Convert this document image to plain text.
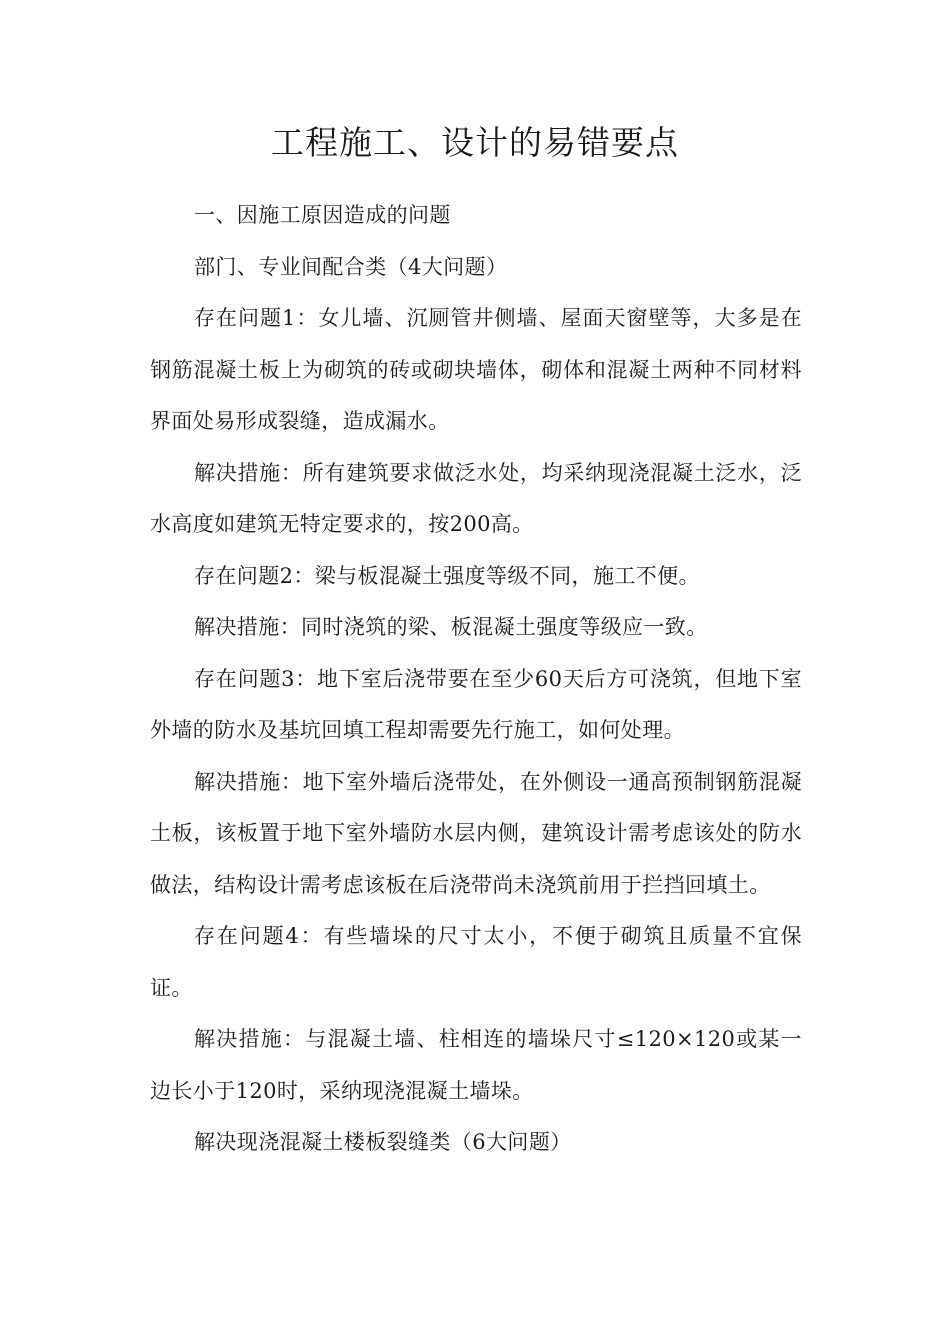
工程施工、设计的易错要点

一、因施工原因造成的问题

部门、专业间配合类（4大问题）

存在问题1：女儿墙、沉厕管井侧墙、屋面天窗壁等，大多是在钢筋混凝土板上为砌筑的砖或砌块墙体，砌体和混凝土两种不同材料界面处易形成裂缝，造成漏水。

解决措施：所有建筑要求做泛水处，均采纳现浇混凝土泛水，泛水高度如建筑无特定要求的，按200高。

存在问题2：梁与板混凝土强度等级不同，施工不便。

解决措施：同时浇筑的梁、板混凝土强度等级应一致。

存在问题3：地下室后浇带要在至少60天后方可浇筑，但地下室外墙的防水及基坑回填工程却需要先行施工，如何处理。

解决措施：地下室外墙后浇带处，在外侧设一通高预制钢筋混凝土板，该板置于地下室外墙防水层内侧，建筑设计需考虑该处的防水做法，结构设计需考虑该板在后浇带尚未浇筑前用于拦挡回填土。

存在问题4：有些墙垛的尺寸太小，不便于砌筑且质量不宜保证。

解决措施：与混凝土墙、柱相连的墙垛尺寸≤120×120或某一边长小于120时，采纳现浇混凝土墙垛。

解决现浇混凝土楼板裂缝类（6大问题）
